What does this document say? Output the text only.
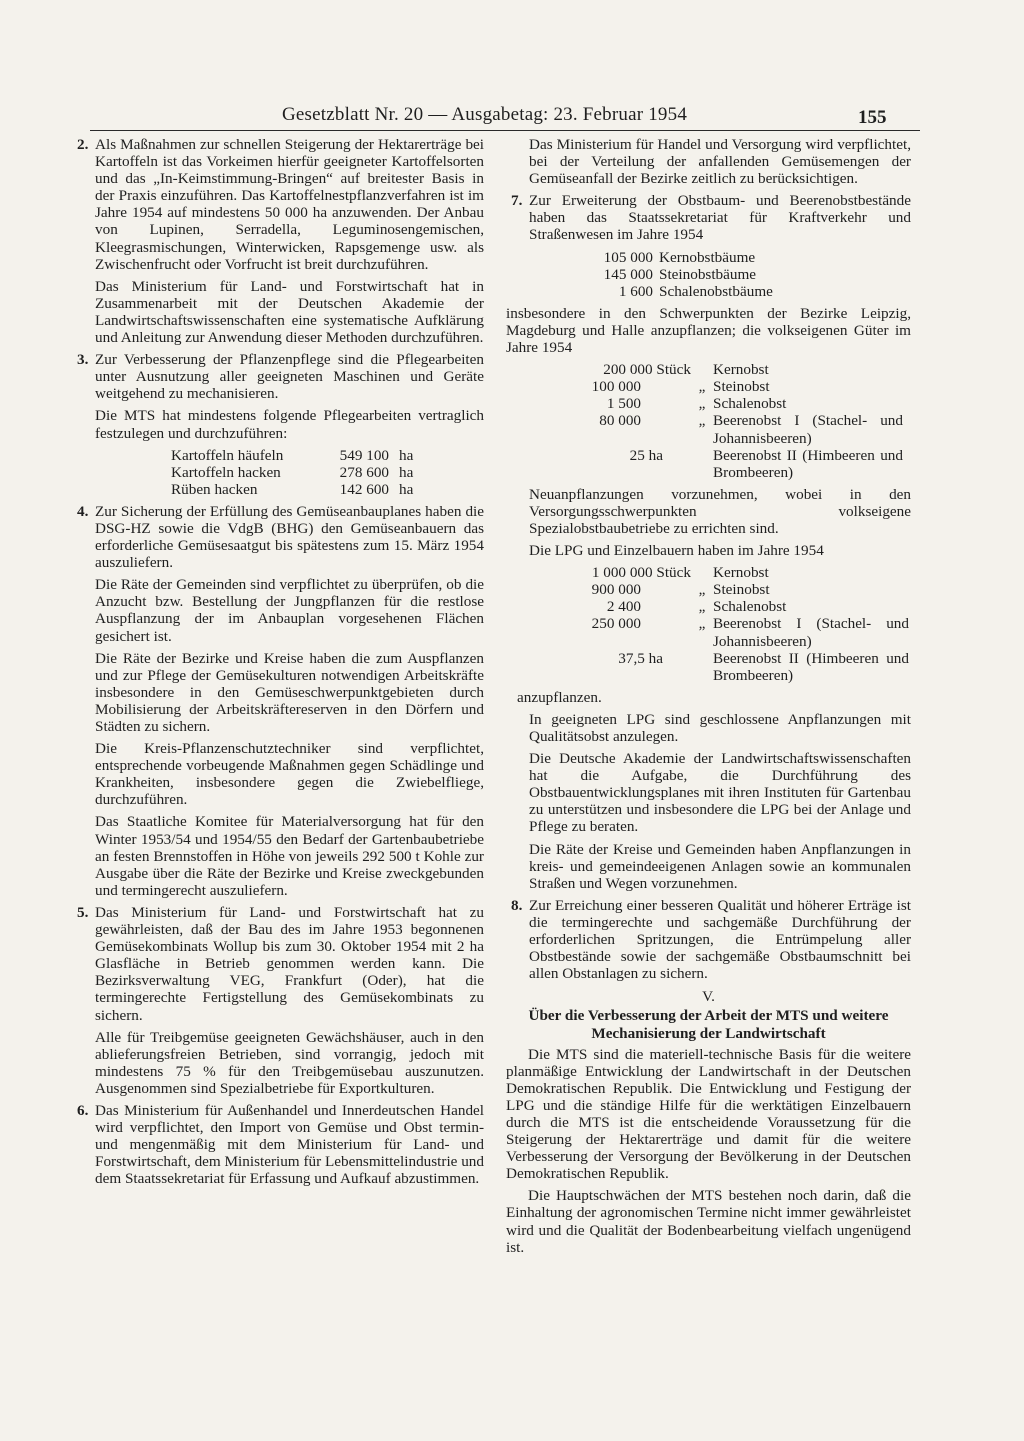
Gesetzblatt Nr. 20 — Ausgabetag: 23. Februar 1954	155
2. Als Maßnahmen zur schnellen Steigerung der Hektarerträge bei Kartoffeln ist das Vorkeimen hierfür geeigneter Kartoffelsorten und das „In-Keimstimmung-Bringen“ auf breitester Basis in der Praxis einzuführen. Das Kartoffelnestpflanzverfahren ist im Jahre 1954 auf mindestens 50 000 ha anzuwenden. Der Anbau von Lupinen, Serradella, Leguminosengemischen, Kleegrasmischungen, Winterwicken, Rapsgemenge usw. als Zwischenfrucht oder Vorfrucht ist breit durchzuführen.

Das Ministerium für Land- und Forstwirtschaft hat in Zusammenarbeit mit der Deutschen Akademie der Landwirtschaftswissenschaften eine systematische Aufklärung und Anleitung zur Anwendung dieser Methoden durchzuführen.

3. Zur Verbesserung der Pflanzenpflege sind die Pflegearbeiten unter Ausnutzung aller geeigneten Maschinen und Geräte weitgehend zu mechanisieren.

Die MTS hat mindestens folgende Pflegearbeiten vertraglich festzulegen und durchzuführen:

Kartoffeln häufeln	549 100	ha
Kartoffeln hacken	278 600	ha
Rüben hacken	142 600	ha
4. Zur Sicherung der Erfüllung des Gemüseanbauplanes haben die DSG-HZ sowie die VdgB (BHG) den Gemüseanbauern das erforderliche Gemüsesaatgut bis spätestens zum 15. März 1954 auszuliefern.

Die Räte der Gemeinden sind verpflichtet zu überprüfen, ob die Anzucht bzw. Bestellung der Jungpflanzen für die restlose Auspflanzung der im Anbauplan vorgesehenen Flächen gesichert ist.

Die Räte der Bezirke und Kreise haben die zum Auspflanzen und zur Pflege der Gemüsekulturen notwendigen Arbeitskräfte insbesondere in den Gemüseschwerpunktgebieten durch Mobilisierung der Arbeitskräftereserven in den Dörfern und Städten zu sichern.

Die Kreis-Pflanzenschutztechniker sind verpflichtet, entsprechende vorbeugende Maßnahmen gegen Schädlinge und Krankheiten, insbesondere gegen die Zwiebelfliege, durchzuführen.

Das Staatliche Komitee für Materialversorgung hat für den Winter 1953/54 und 1954/55 den Bedarf der Gartenbaubetriebe an festen Brennstoffen in Höhe von jeweils 292 500 t Kohle zur Ausgabe über die Räte der Bezirke und Kreise zweckgebunden und termingerecht auszuliefern.

5. Das Ministerium für Land- und Forstwirtschaft hat zu gewährleisten, daß der Bau des im Jahre 1953 begonnenen Gemüsekombinats Wollup bis zum 30. Oktober 1954 mit 2 ha Glasfläche in Betrieb genommen werden kann. Die Bezirksverwaltung VEG, Frankfurt (Oder), hat die termingerechte Fertigstellung des Gemüsekombinats zu sichern.

Alle für Treibgemüse geeigneten Gewächshäuser, auch in den ablieferungsfreien Betrieben, sind vorrangig, jedoch mit mindestens 75 % für den Treibgemüsebau auszunutzen. Ausgenommen sind Spezialbetriebe für Exportkulturen.

6. Das Ministerium für Außenhandel und Innerdeutschen Handel wird verpflichtet, den Import von Gemüse und Obst termin- und mengenmäßig mit dem Ministerium für Land- und Forstwirtschaft, dem Ministerium für Lebensmittelindustrie und dem Staatssekretariat für Erfassung und Aufkauf abzustimmen.

Das Ministerium für Handel und Versorgung wird verpflichtet, bei der Verteilung der anfallenden Gemüsemengen der Gemüseanfall der Bezirke zeitlich zu berücksichtigen.

7. Zur Erweiterung der Obstbaum- und Beerenobstbestände haben das Staatssekretariat für Kraftverkehr und Straßenwesen im Jahre 1954

105 000	Kernobstbäume
145 000	Steinobstbäume
1 600	Schalenobstbäume

insbesondere in den Schwerpunkten der Bezirke Leipzig, Magdeburg und Halle anzupflanzen; die volkseigenen Güter im Jahre 1954

200 000 Stück		Kernobst
100 000	„	Steinobst
1 500	„	Schalenobst
80 000	„	Beerenobst I (Stachel- und Johannisbeeren)
25 ha		Beerenobst II (Himbeeren und Brombeeren)

Neuanpflanzungen vorzunehmen, wobei in den Versorgungsschwerpunkten volkseigene Spezialobstbaubetriebe zu errichten sind.

Die LPG und Einzelbauern haben im Jahre 1954

1 000 000 Stück		Kernobst
900 000	„	Steinobst
2 400	„	Schalenobst
250 000	„	Beerenobst I (Stachel- und Johannisbeeren)
37,5 ha		Beerenobst II (Himbeeren und Brombeeren)

anzupflanzen.

In geeigneten LPG sind geschlossene Anpflanzungen mit Qualitätsobst anzulegen.

Die Deutsche Akademie der Landwirtschaftswissenschaften hat die Aufgabe, die Durchführung des Obstbauentwicklungsplanes mit ihren Instituten für Gartenbau zu unterstützen und insbesondere die LPG bei der Anlage und Pflege zu beraten.

Die Räte der Kreise und Gemeinden haben Anpflanzungen in kreis- und gemeindeeigenen Anlagen sowie an kommunalen Straßen und Wegen vorzunehmen.

8. Zur Erreichung einer besseren Qualität und höherer Erträge ist die termingerechte und sachgemäße Durchführung der erforderlichen Spritzungen, die Entrümpelung aller Obstbestände sowie der sachgemäße Obstbaumschnitt bei allen Obstanlagen zu sichern.

V.
Über die Verbesserung der Arbeit der MTS und weitere
Mechanisierung der Landwirtschaft

Die MTS sind die materiell-technische Basis für die weitere planmäßige Entwicklung der Landwirtschaft in der Deutschen Demokratischen Republik. Die Entwicklung und Festigung der LPG und die ständige Hilfe für die werktätigen Einzelbauern durch die MTS ist die entscheidende Voraussetzung für die Steigerung der Hektarerträge und damit für die weitere Verbesserung der Versorgung der Bevölkerung in der Deutschen Demokratischen Republik.

Die Hauptschwächen der MTS bestehen noch darin, daß die Einhaltung der agronomischen Termine nicht immer gewährleistet wird und die Qualität der Bodenbearbeitung vielfach ungenügend ist.
